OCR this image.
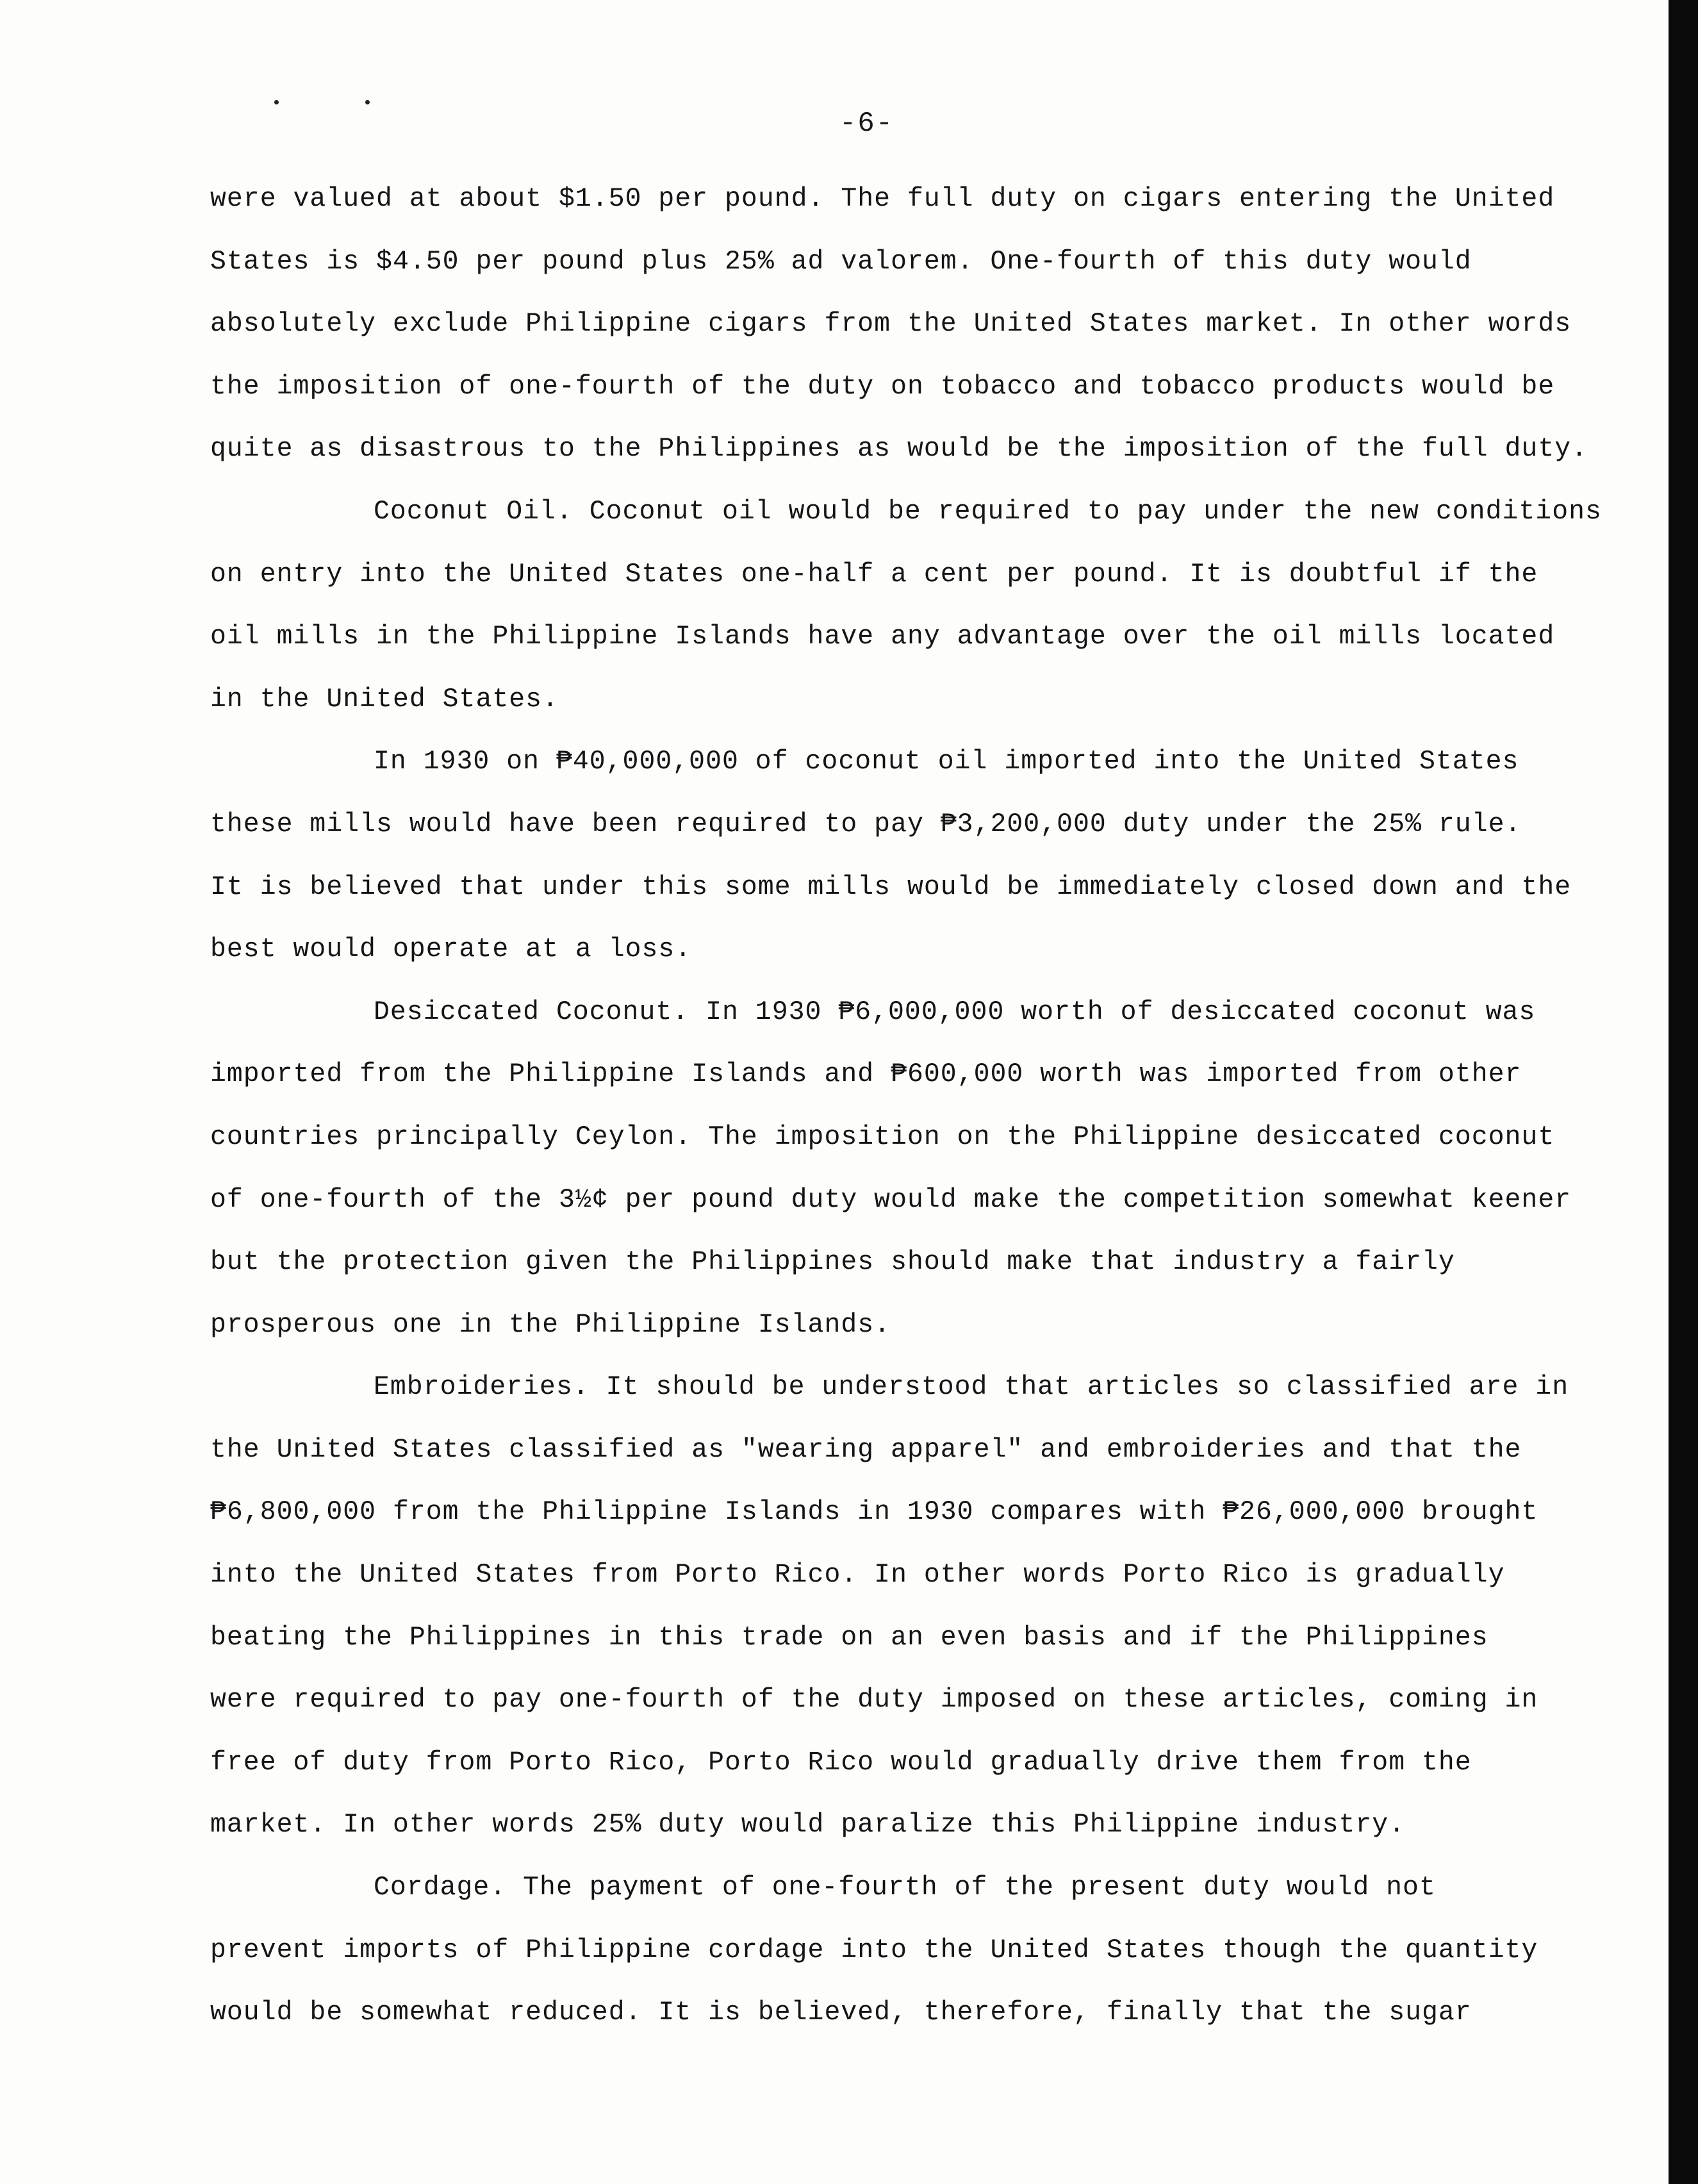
-6-
were valued at about $1.50 per pound. The full duty on cigars entering the United
States is $4.50 per pound plus 25% ad valorem. One-fourth of this duty would
absolutely exclude Philippine cigars from the United States market. In other words
the imposition of one-fourth of the duty on tobacco and tobacco products would be
quite as disastrous to the Philippines as would be the imposition of the full duty.
Coconut Oil. Coconut oil would be required to pay under the new conditions
on entry into the United States one-half a cent per pound. It is doubtful if the
oil mills in the Philippine Islands have any advantage over the oil mills located
in the United States.
In 1930 on ₱40,000,000 of coconut oil imported into the United States
these mills would have been required to pay ₱3,200,000 duty under the 25% rule.
It is believed that under this some mills would be immediately closed down and the
best would operate at a loss.
Desiccated Coconut. In 1930 ₱6,000,000 worth of desiccated coconut was
imported from the Philippine Islands and ₱600,000 worth was imported from other
countries principally Ceylon. The imposition on the Philippine desiccated coconut
of one-fourth of the 3½¢ per pound duty would make the competition somewhat keener
but the protection given the Philippines should make that industry a fairly
prosperous one in the Philippine Islands.
Embroideries. It should be understood that articles so classified are in
the United States classified as "wearing apparel" and embroideries and that the
₱6,800,000 from the Philippine Islands in 1930 compares with ₱26,000,000 brought
into the United States from Porto Rico. In other words Porto Rico is gradually
beating the Philippines in this trade on an even basis and if the Philippines
were required to pay one-fourth of the duty imposed on these articles, coming in
free of duty from Porto Rico, Porto Rico would gradually drive them from the
market. In other words 25% duty would paralize this Philippine industry.
Cordage. The payment of one-fourth of the present duty would not
prevent imports of Philippine cordage into the United States though the quantity
would be somewhat reduced. It is believed, therefore, finally that the sugar
